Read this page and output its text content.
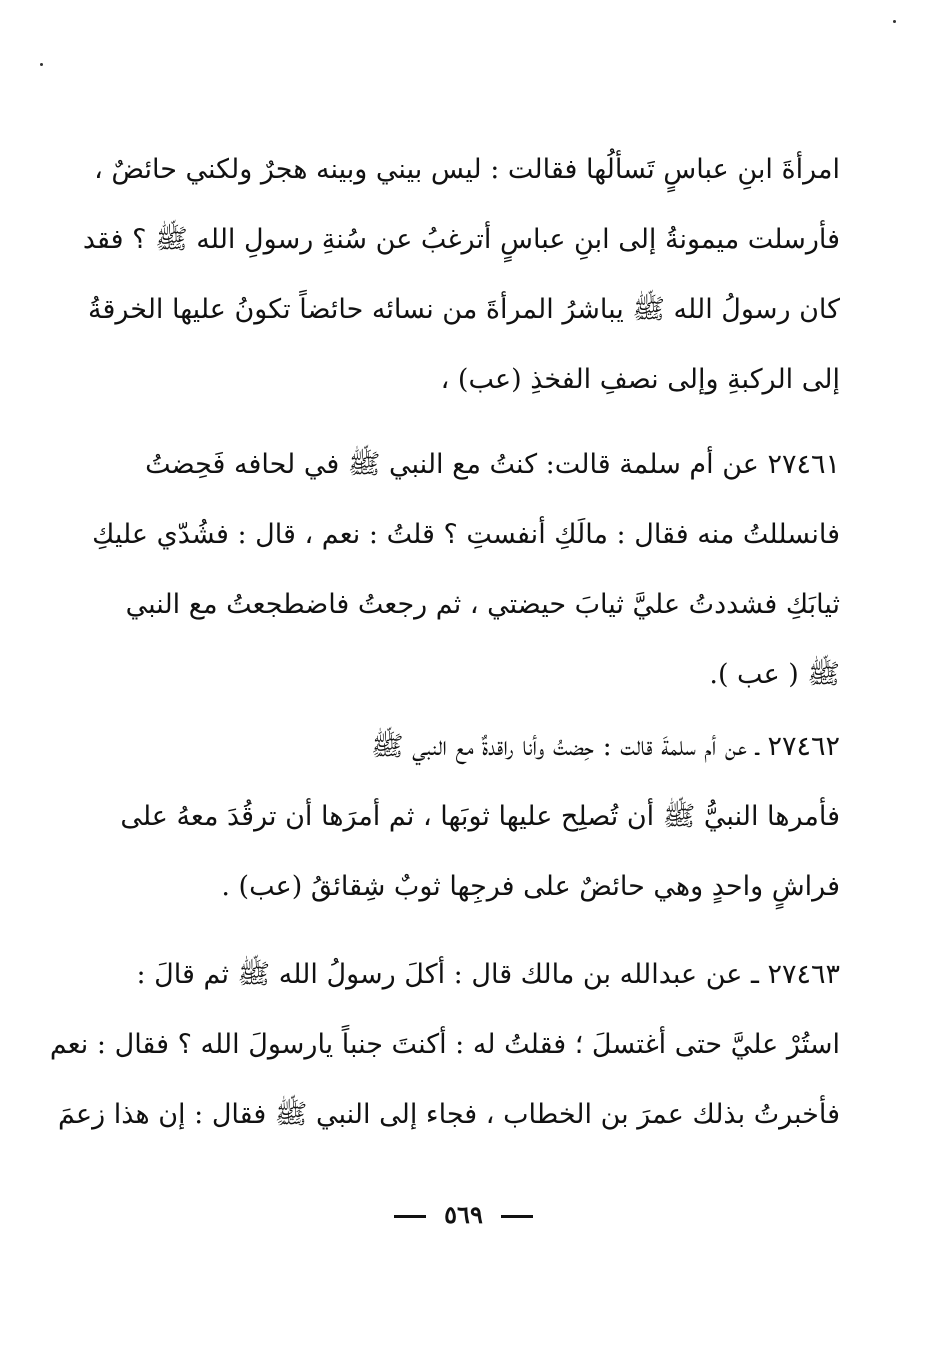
امرأةَ ابنِ عباسٍ تَسألُها فقالت : ليس بيني وبينه هجرٌ ولكني حائضٌ ،
فأرسلت ميمونةُ إلى ابنِ عباسٍ أترغبُ عن سُنةِ رسولِ الله ﷺ ؟ فقد
كان رسولُ الله ﷺ يباشرُ المرأةَ من نسائه حائضاً تكونُ عليها الخرقةُ
إلى الركبةِ وإلى نصفِ الفخذِ (عب) ،
٢٧٤٦١ عن أم سلمة قالت: كنتُ مع النبي ﷺ في لحافه فَحِضتُ
فانسللتُ منه فقال : مالَكِ أنفستِ ؟ قلتُ : نعم ، قال : فشُدّي عليكِ
ثيابَكِ فشددتُ عليَّ ثيابَ حيضتي ، ثم رجعتُ فاضطجعتُ مع النبي
ﷺ ( عب ).
٢٧٤٦٢ ـ عن أم سلمةَ قالت : حِضتُ وأنا راقدةٌ مع النبي ﷺ
فأمرها النبيُّ ﷺ أن تُصلِح عليها ثوبَها ، ثم أمرَها أن ترقُدَ معهُ على
فراشٍ واحدٍ وهي حائضٌ على فرجِها ثوبٌ شِقائقُ (عب) .
٢٧٤٦٣ ـ عن عبدالله بن مالك قال : أكلَ رسولُ الله ﷺ ثم قالَ :
استُرْ عليَّ حتى أغتسلَ ؛ فقلتُ له : أكنتَ جنباً يارسولَ الله ؟ فقال : نعم
فأخبرتُ بذلك عمرَ بن الخطاب ، فجاء إلى النبي ﷺ فقال : إن هذا زعمَ
٥٦٩
